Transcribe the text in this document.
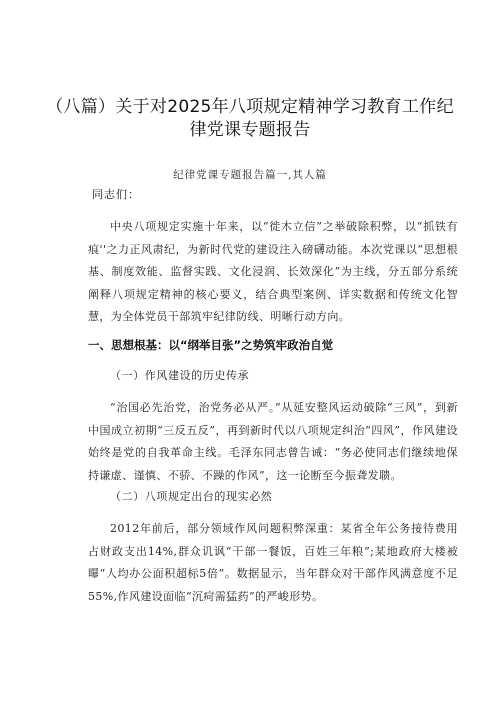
（八篇）关于对2025年八项规定精神学习教育工作纪
律党课专题报告
纪律党课专题报告篇一,其人篇
同志们：
中央八项规定实施十年来，以“徙木立信”之举破除积弊，以“抓铁有痕''之力正风肃纪，为新时代党的建设注入磅礴动能。本次党课以“思想根基、制度效能、监督实践、文化浸润、长效深化”为主线，分五部分系统阐释八项规定精神的核心要义，结合典型案例、详实数据和传统文化智慧，为全体党员干部筑牢纪律防线、明晰行动方向。
一、思想根基：以“纲举目张”之势筑牢政治自觉
（一）作风建设的历史传承
“治国必先治党，治党务必从严。”从延安整风运动破除“三风”，到新中国成立初期“三反五反”，再到新时代以八项规定纠治“四风”，作风建设始终是党的自我革命主线。毛泽东同志曾告诫：“务必使同志们继续地保持谦虚、谨慎、不骄、不躁的作风”，这一论断至今振聋发聩。
（二）八项规定出台的现实必然
2012年前后，部分领域作风问题积弊深重：某省全年公务接待费用占财政支出14%,群众讥讽“干部一餐饭，百姓三年粮”;某地政府大楼被曝“人均办公面积超标5倍”。数据显示，当年群众对干部作风满意度不足55%,作风建设面临“沉疴需猛药”的严峻形势。
